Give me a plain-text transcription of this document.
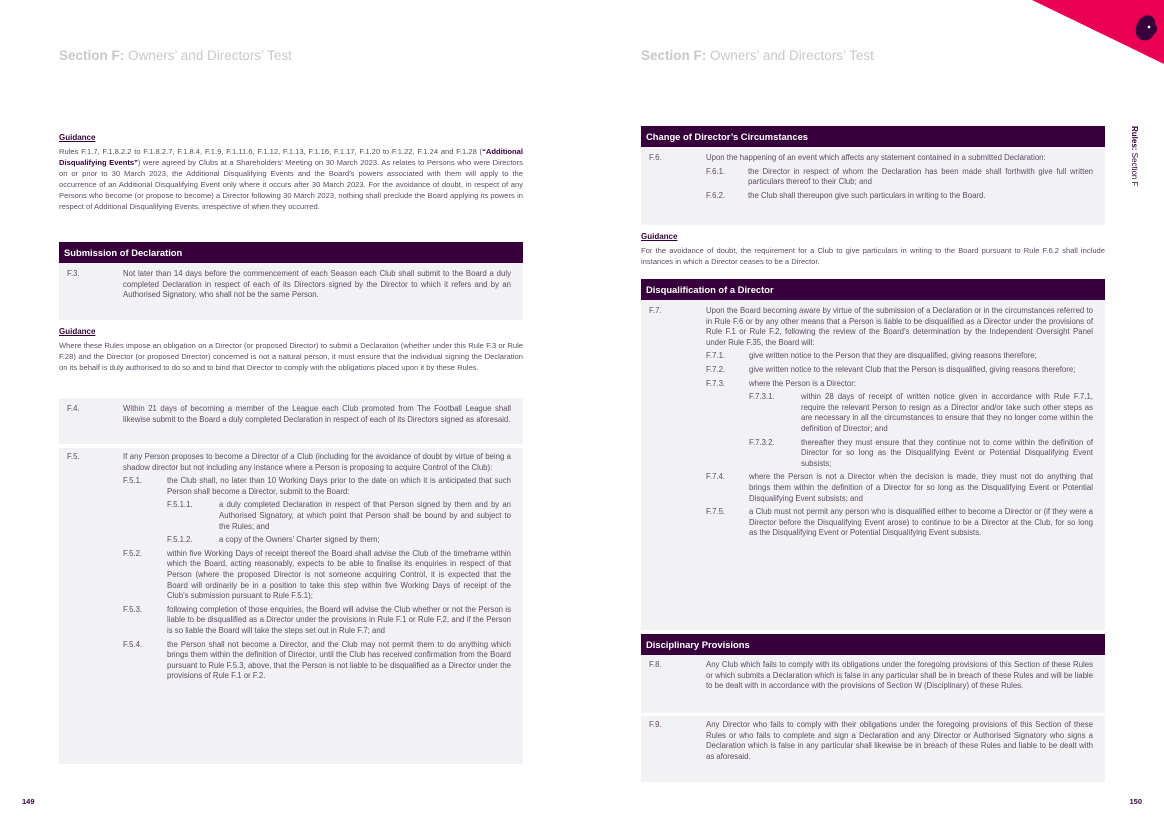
Section F: Owners’ and Directors’ Test
Guidance
Rules F.1.7, F.1.8.2.2 to F.1.8.2.7, F.1.8.4, F.1.9, F.1.11.6, F.1.12, F.1.13, F.1.16, F.1.17, F.1.20 to F.1.22, F.1.24 and F.1.28 (“Additional Disqualifying Events”) were agreed by Clubs at a Shareholders’ Meeting on 30 March 2023. As relates to Persons who were Directors on or prior to 30 March 2023, the Additional Disqualifying Events and the Board’s powers associated with them will apply to the occurrence of an Additional Disqualifying Event only where it occurs after 30 March 2023. For the avoidance of doubt, in respect of any Persons who become (or propose to become) a Director following 30 March 2023, nothing shall preclude the Board applying its powers in respect of Additional Disqualifying Events, irrespective of when they occurred.
Submission of Declaration
F.3.	Not later than 14 days before the commencement of each Season each Club shall submit to the Board a duly completed Declaration in respect of each of its Directors signed by the Director to which it refers and by an Authorised Signatory, who shall not be the same Person.
Guidance
Where these Rules impose an obligation on a Director (or proposed Director) to submit a Declaration (whether under this Rule F.3 or Rule F.28) and the Director (or proposed Director) concerned is not a natural person, it must ensure that the individual signing the Declaration on its behalf is duly authorised to do so and to bind that Director to comply with the obligations placed upon it by these Rules.
F.4.	Within 21 days of becoming a member of the League each Club promoted from The Football League shall likewise submit to the Board a duly completed Declaration in respect of each of its Directors signed as aforesaid.
F.5.	If any Person proposes to become a Director of a Club (including for the avoidance of doubt by virtue of being a shadow director but not including any instance where a Person is proposing to acquire Control of the Club):
F.5.1.	the Club shall, no later than 10 Working Days prior to the date on which it is anticipated that such Person shall become a Director, submit to the Board:
F.5.1.1.	a duly completed Declaration in respect of that Person signed by them and by an Authorised Signatory, at which point that Person shall be bound by and subject to the Rules; and
F.5.1.2.	a copy of the Owners’ Charter signed by them;
F.5.2.	within five Working Days of receipt thereof the Board shall advise the Club of the timeframe within which the Board, acting reasonably, expects to be able to finalise its enquiries in respect of that Person (where the proposed Director is not someone acquiring Control, it is expected that the Board will ordinarily be in a position to take this step within five Working Days of receipt of the Club’s submission pursuant to Rule F.5.1);
F.5.3.	following completion of those enquiries, the Board will advise the Club whether or not the Person is liable to be disqualified as a Director under the provisions in Rule F.1 or Rule F.2, and if the Person is so liable the Board will take the steps set out in Rule F.7; and
F.5.4.	the Person shall not become a Director, and the Club may not permit them to do anything which brings them within the definition of Director, until the Club has received confirmation from the Board pursuant to Rule F.5.3, above, that the Person is not liable to be disqualified as a Director under the provisions of Rule F.1 or F.2.
149
Section F: Owners’ and Directors’ Test
Rules: Section F
Change of Director’s Circumstances
F.6.	Upon the happening of an event which affects any statement contained in a submitted Declaration:
F.6.1.	the Director in respect of whom the Declaration has been made shall forthwith give full written particulars thereof to their Club; and
F.6.2.	the Club shall thereupon give such particulars in writing to the Board.
Guidance
For the avoidance of doubt, the requirement for a Club to give particulars in writing to the Board pursuant to Rule F.6.2 shall include instances in which a Director ceases to be a Director.
Disqualification of a Director
F.7.	Upon the Board becoming aware by virtue of the submission of a Declaration or in the circumstances referred to in Rule F.6 or by any other means that a Person is liable to be disqualified as a Director under the provisions of Rule F.1 or Rule F.2, following the review of the Board’s determination by the Independent Oversight Panel under Rule F.35, the Board will:
F.7.1.	give written notice to the Person that they are disqualified, giving reasons therefore;
F.7.2.	give written notice to the relevant Club that the Person is disqualified, giving reasons therefore;
F.7.3.	where the Person is a Director:
F.7.3.1.	within 28 days of receipt of written notice given in accordance with Rule F.7.1, require the relevant Person to resign as a Director and/or take such other steps as are necessary in all the circumstances to ensure that they no longer come within the definition of Director; and
F.7.3.2.	thereafter they must ensure that they continue not to come within the definition of Director for so long as the Disqualifying Event or Potential Disqualifying Event subsists;
F.7.4.	where the Person is not a Director when the decision is made, they must not do anything that brings them within the definition of a Director for so long as the Disqualifying Event or Potential Disqualifying Event subsists; and
F.7.5.	a Club must not permit any person who is disqualified either to become a Director or (if they were a Director before the Disqualifying Event arose) to continue to be a Director at the Club, for so long as the Disqualifying Event or Potential Disqualifying Event subsists.
Disciplinary Provisions
F.8.	Any Club which fails to comply with its obligations under the foregoing provisions of this Section of these Rules or which submits a Declaration which is false in any particular shall be in breach of these Rules and will be liable to be dealt with in accordance with the provisions of Section W (Disciplinary) of these Rules.
F.9.	Any Director who fails to comply with their obligations under the foregoing provisions of this Section of these Rules or who fails to complete and sign a Declaration and any Director or Authorised Signatory who signs a Declaration which is false in any particular shall likewise be in breach of these Rules and liable to be dealt with as aforesaid.
150
